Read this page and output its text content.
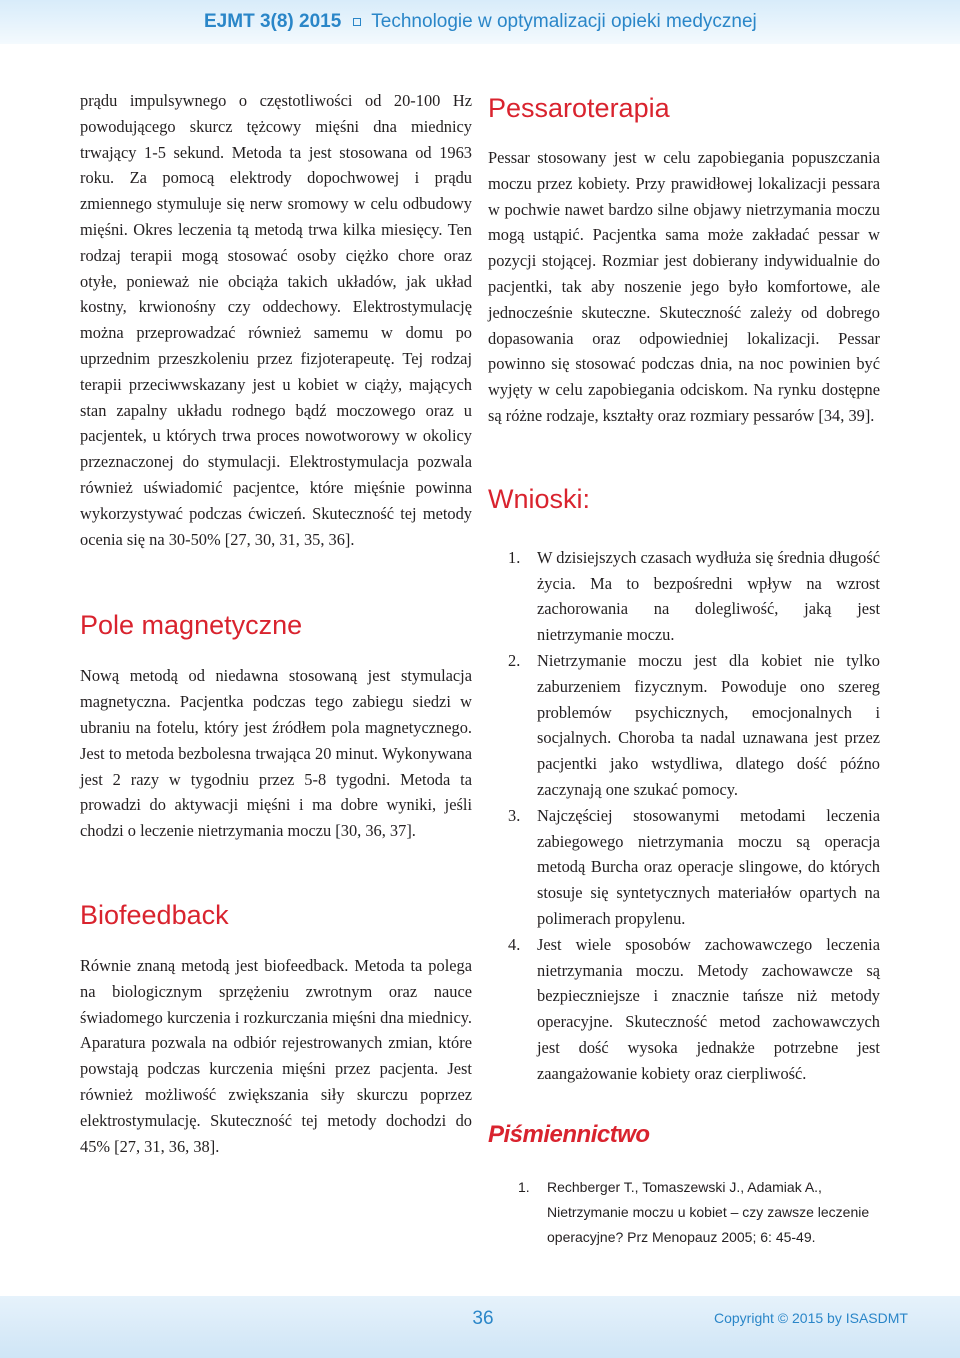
EJMT 3(8) 2015 Technologie w optymalizacji opieki medycznej

prądu impulsywnego o częstotliwości od 20-100 Hz powodującego skurcz tężcowy mięśni dna miednicy trwający 1-5 sekund. Metoda ta jest stosowana od 1963 roku. Za pomocą elektrody dopochwowej i prądu zmiennego stymuluje się nerw sromowy w celu odbudowy mięśni. Okres leczenia tą metodą trwa kilka miesięcy. Ten rodzaj terapii mogą stosować osoby ciężko chore oraz otyłe, ponieważ nie obciąża takich układów, jak układ kostny, krwionośny czy oddechowy. Elektrostymulację można przeprowadzać również samemu w domu po uprzednim przeszkoleniu przez fizjoterapeutę. Tej rodzaj terapii przeciwwskazany jest u kobiet w ciąży, mających stan zapalny układu rodnego bądź moczowego oraz u pacjentek, u których trwa proces nowotworowy w okolicy przeznaczonej do stymulacji. Elektrostymulacja pozwala również uświadomić pacjentce, które mięśnie powinna wykorzystywać podczas ćwiczeń. Skuteczność tej metody ocenia się na 30-50% [27, 30, 31, 35, 36].

Pole magnetyczne

Nową metodą od niedawna stosowaną jest stymulacja magnetyczna. Pacjentka podczas tego zabiegu siedzi w ubraniu na fotelu, który jest źródłem pola magnetycznego. Jest to metoda bezbolesna trwająca 20 minut. Wykonywana jest 2 razy w tygodniu przez 5-8 tygodni. Metoda ta prowadzi do aktywacji mięśni i ma dobre wyniki, jeśli chodzi o leczenie nietrzymania moczu [30, 36, 37].

Biofeedback

Równie znaną metodą jest biofeedback. Metoda ta polega na biologicznym sprzężeniu zwrotnym oraz nauce świadomego kurczenia i rozkurczania mięśni dna miednicy. Aparatura pozwala na odbiór rejestrowanych zmian, które powstają podczas kurczenia mięśni przez pacjenta. Jest również możliwość zwiększania siły skurczu poprzez elektrostymulację. Skuteczność tej metody dochodzi do 45% [27, 31, 36, 38].

Pessaroterapia

Pessar stosowany jest w celu zapobiegania popuszczania moczu przez kobiety. Przy prawidłowej lokalizacji pessara w pochwie nawet bardzo silne objawy nietrzymania moczu mogą ustąpić. Pacjentka sama może zakładać pessar w pozycji stojącej. Rozmiar jest dobierany indywidualnie do pacjentki, tak aby noszenie jego było komfortowe, ale jednocześnie skuteczne. Skuteczność zależy od dobrego dopasowania oraz odpowiedniej lokalizacji. Pessar powinno się stosować podczas dnia, na noc powinien być wyjęty w celu zapobiegania odciskom. Na rynku dostępne są różne rodzaje, kształty oraz rozmiary pessarów [34, 39].

Wnioski:
1. W dzisiejszych czasach wydłuża się średnia długość życia. Ma to bezpośredni wpływ na wzrost zachorowania na dolegliwość, jaką jest nietrzymanie moczu.
2. Nietrzymanie moczu jest dla kobiet nie tylko zaburzeniem fizycznym. Powoduje ono szereg problemów psychicznych, emocjonalnych i socjalnych. Choroba ta nadal uznawana jest przez pacjentki jako wstydliwa, dlatego dość późno zaczynają one szukać pomocy.
3. Najczęściej stosowanymi metodami leczenia zabiegowego nietrzymania moczu są operacja metodą Burcha oraz operacje slingowe, do których stosuje się syntetycznych materiałów opartych na polimerach propylenu.
4. Jest wiele sposobów zachowawczego leczenia nietrzymania moczu. Metody zachowawcze są bezpieczniejsze i znacznie tańsze niż metody operacyjne. Skuteczność metod zachowawczych jest dość wysoka jednakże potrzebne jest zaangażowanie kobiety oraz cierpliwość.
Piśmiennictwo
1. Rechberger T., Tomaszewski J., Adamiak A., Nietrzymanie moczu u kobiet – czy zawsze leczenie operacyjne? Prz Menopauz 2005; 6: 45-49.
36	Copyright © 2015 by ISASDMT
